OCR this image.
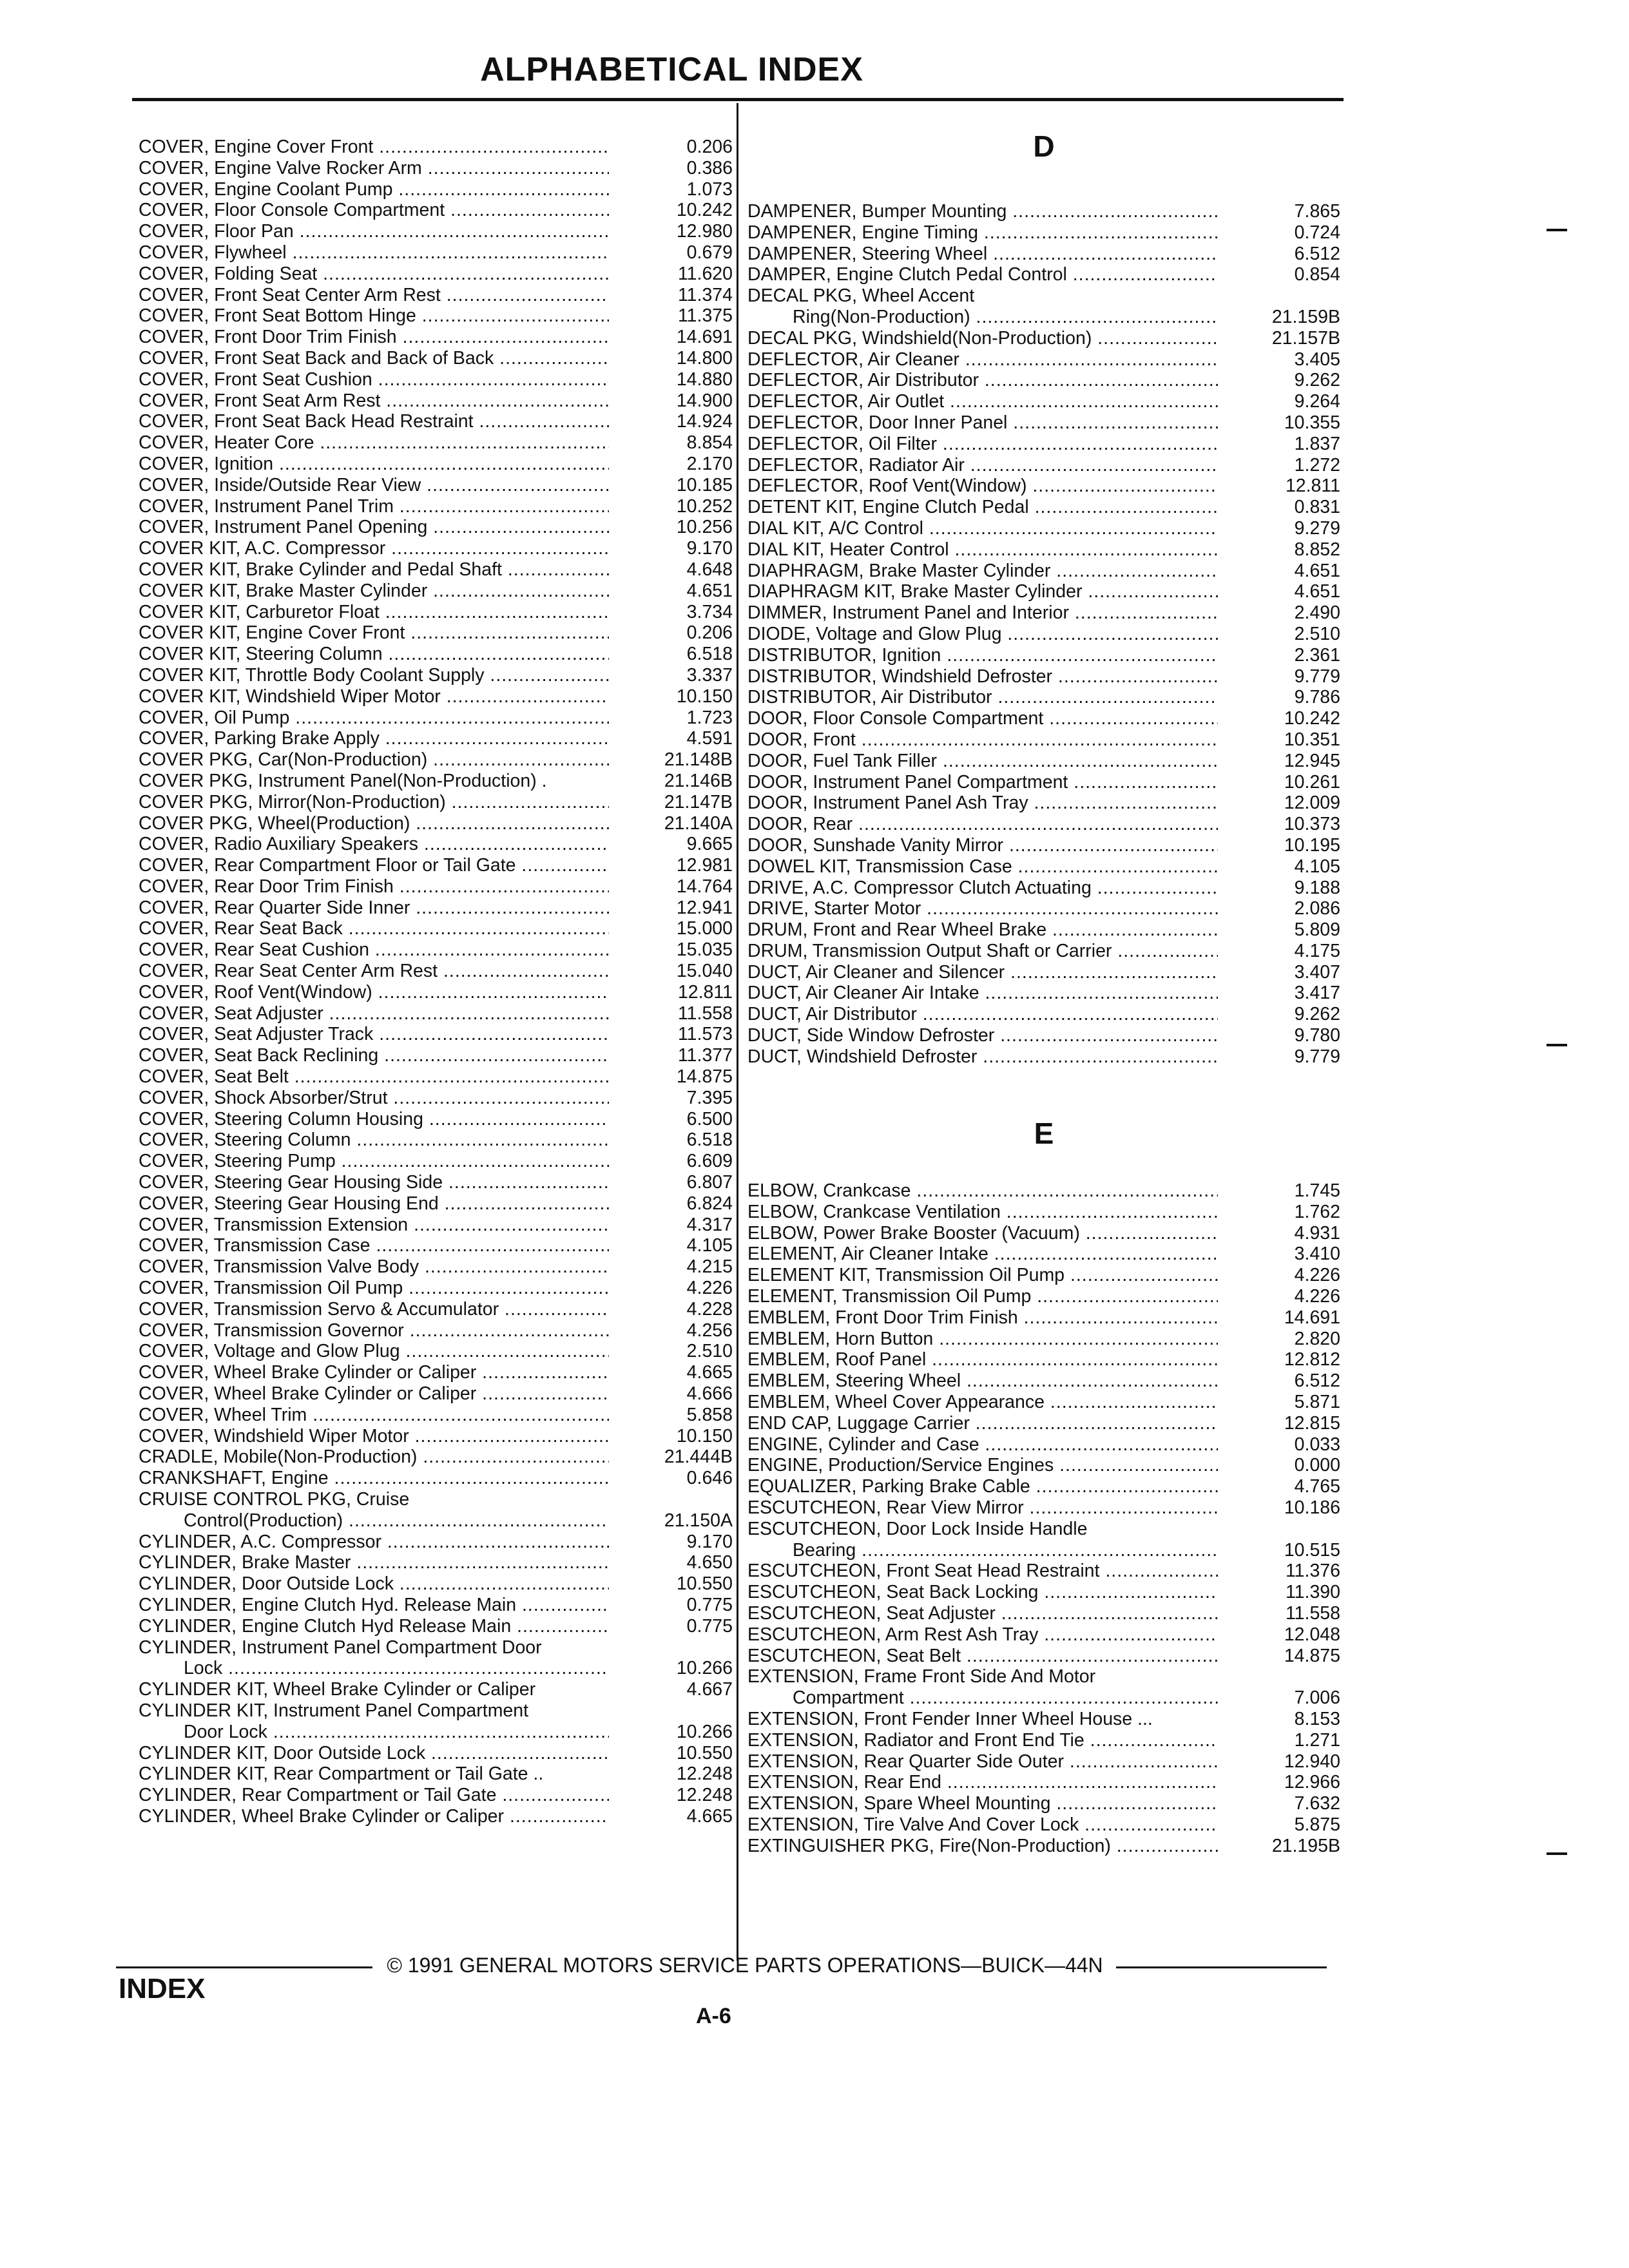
ALPHABETICAL INDEX
COVER, Engine Cover Front .....	0.206
COVER, Engine Valve Rocker Arm .....	0.386
COVER, Engine Coolant Pump .....	1.073
COVER, Floor Console Compartment .....	10.242
COVER, Floor Pan .....	12.980
COVER, Flywheel .....	0.679
COVER, Folding Seat .....	11.620
COVER, Front Seat Center Arm Rest .....	11.374
COVER, Front Seat Bottom Hinge .....	11.375
COVER, Front Door Trim Finish .....	14.691
COVER, Front Seat Back and Back of Back .....	14.800
COVER, Front Seat Cushion .....	14.880
COVER, Front Seat Arm Rest .....	14.900
COVER, Front Seat Back Head Restraint .....	14.924
COVER, Heater Core .....	8.854
COVER, Ignition .....	2.170
COVER, Inside/Outside Rear View .....	10.185
COVER, Instrument Panel Trim .....	10.252
COVER, Instrument Panel Opening .....	10.256
COVER KIT, A.C. Compressor .....	9.170
COVER KIT, Brake Cylinder and Pedal Shaft .....	4.648
COVER KIT, Brake Master Cylinder .....	4.651
COVER KIT, Carburetor Float .....	3.734
COVER KIT, Engine Cover Front .....	0.206
COVER KIT, Steering Column .....	6.518
COVER KIT, Throttle Body Coolant Supply .....	3.337
COVER KIT, Windshield Wiper Motor .....	10.150
COVER, Oil Pump .....	1.723
COVER, Parking Brake Apply .....	4.591
COVER PKG, Car(Non-Production) .....	21.148B
COVER PKG, Instrument Panel(Non-Production) .	21.146B
COVER PKG, Mirror(Non-Production) .....	21.147B
COVER PKG, Wheel(Production) .....	21.140A
COVER, Radio Auxiliary Speakers .....	9.665
COVER, Rear Compartment Floor or Tail Gate .....	12.981
COVER, Rear Door Trim Finish .....	14.764
COVER, Rear Quarter Side Inner .....	12.941
COVER, Rear Seat Back .....	15.000
COVER, Rear Seat Cushion .....	15.035
COVER, Rear Seat Center Arm Rest .....	15.040
COVER, Roof Vent(Window) .....	12.811
COVER, Seat Adjuster .....	11.558
COVER, Seat Adjuster Track .....	11.573
COVER, Seat Back Reclining .....	11.377
COVER, Seat Belt .....	14.875
COVER, Shock Absorber/Strut .....	7.395
COVER, Steering Column Housing .....	6.500
COVER, Steering Column .....	6.518
COVER, Steering Pump .....	6.609
COVER, Steering Gear Housing Side .....	6.807
COVER, Steering Gear Housing End .....	6.824
COVER, Transmission Extension .....	4.317
COVER, Transmission Case .....	4.105
COVER, Transmission Valve Body .....	4.215
COVER, Transmission Oil Pump .....	4.226
COVER, Transmission Servo & Accumulator .....	4.228
COVER, Transmission Governor .....	4.256
COVER, Voltage and Glow Plug .....	2.510
COVER, Wheel Brake Cylinder or Caliper .....	4.665
COVER, Wheel Brake Cylinder or Caliper .....	4.666
COVER, Wheel Trim .....	5.858
COVER, Windshield Wiper Motor .....	10.150
CRADLE, Mobile(Non-Production) .....	21.444B
CRANKSHAFT, Engine .....	0.646
CRUISE CONTROL PKG, Cruise
Control(Production) .....	21.150A
CYLINDER, A.C. Compressor .....	9.170
CYLINDER, Brake Master .....	4.650
CYLINDER, Door Outside Lock .....	10.550
CYLINDER, Engine Clutch Hyd. Release Main .....	0.775
CYLINDER, Engine Clutch Hyd Release Main .....	0.775
CYLINDER, Instrument Panel Compartment Door
Lock .....	10.266
CYLINDER KIT, Wheel Brake Cylinder or Caliper	4.667
CYLINDER KIT, Instrument Panel Compartment
Door Lock .....	10.266
CYLINDER KIT, Door Outside Lock .....	10.550
CYLINDER KIT, Rear Compartment or Tail Gate ..	12.248
CYLINDER, Rear Compartment or Tail Gate .....	12.248
CYLINDER, Wheel Brake Cylinder or Caliper .....	4.665
D
DAMPENER, Bumper Mounting .....	7.865
DAMPENER, Engine Timing .....	0.724
DAMPENER, Steering Wheel .....	6.512
DAMPER, Engine Clutch Pedal Control .....	0.854
DECAL PKG, Wheel Accent
Ring(Non-Production) .....	21.159B
DECAL PKG, Windshield(Non-Production) .....	21.157B
DEFLECTOR, Air Cleaner .....	3.405
DEFLECTOR, Air Distributor .....	9.262
DEFLECTOR, Air Outlet .....	9.264
DEFLECTOR, Door Inner Panel .....	10.355
DEFLECTOR, Oil Filter .....	1.837
DEFLECTOR, Radiator Air .....	1.272
DEFLECTOR, Roof Vent(Window) .....	12.811
DETENT KIT, Engine Clutch Pedal .....	0.831
DIAL KIT, A/C Control .....	9.279
DIAL KIT, Heater Control .....	8.852
DIAPHRAGM, Brake Master Cylinder .....	4.651
DIAPHRAGM KIT, Brake Master Cylinder .....	4.651
DIMMER, Instrument Panel and Interior .....	2.490
DIODE, Voltage and Glow Plug .....	2.510
DISTRIBUTOR, Ignition .....	2.361
DISTRIBUTOR, Windshield Defroster .....	9.779
DISTRIBUTOR, Air Distributor .....	9.786
DOOR, Floor Console Compartment .....	10.242
DOOR, Front .....	10.351
DOOR, Fuel Tank Filler .....	12.945
DOOR, Instrument Panel Compartment .....	10.261
DOOR, Instrument Panel Ash Tray .....	12.009
DOOR, Rear .....	10.373
DOOR, Sunshade Vanity Mirror .....	10.195
DOWEL KIT, Transmission Case .....	4.105
DRIVE, A.C. Compressor Clutch Actuating .....	9.188
DRIVE, Starter Motor .....	2.086
DRUM, Front and Rear Wheel Brake .....	5.809
DRUM, Transmission Output Shaft or Carrier .....	4.175
DUCT, Air Cleaner and Silencer .....	3.407
DUCT, Air Cleaner Air Intake .....	3.417
DUCT, Air Distributor .....	9.262
DUCT, Side Window Defroster .....	9.780
DUCT, Windshield Defroster .....	9.779
E
ELBOW, Crankcase .....	1.745
ELBOW, Crankcase Ventilation .....	1.762
ELBOW, Power Brake Booster (Vacuum) .....	4.931
ELEMENT, Air Cleaner Intake .....	3.410
ELEMENT KIT, Transmission Oil Pump .....	4.226
ELEMENT, Transmission Oil Pump .....	4.226
EMBLEM, Front Door Trim Finish .....	14.691
EMBLEM, Horn Button .....	2.820
EMBLEM, Roof Panel .....	12.812
EMBLEM, Steering Wheel .....	6.512
EMBLEM, Wheel Cover Appearance .....	5.871
END CAP, Luggage Carrier .....	12.815
ENGINE, Cylinder and Case .....	0.033
ENGINE, Production/Service Engines .....	0.000
EQUALIZER, Parking Brake Cable .....	4.765
ESCUTCHEON, Rear View Mirror .....	10.186
ESCUTCHEON, Door Lock Inside Handle
Bearing .....	10.515
ESCUTCHEON, Front Seat Head Restraint .....	11.376
ESCUTCHEON, Seat Back Locking .....	11.390
ESCUTCHEON, Seat Adjuster .....	11.558
ESCUTCHEON, Arm Rest Ash Tray .....	12.048
ESCUTCHEON, Seat Belt .....	14.875
EXTENSION, Frame Front Side And Motor
Compartment .....	7.006
EXTENSION, Front Fender Inner Wheel House ...	8.153
EXTENSION, Radiator and Front End Tie .....	1.271
EXTENSION, Rear Quarter Side Outer .....	12.940
EXTENSION, Rear End .....	12.966
EXTENSION, Spare Wheel Mounting .....	7.632
EXTENSION, Tire Valve And Cover Lock .....	5.875
EXTINGUISHER PKG, Fire(Non-Production) .....	21.195B
© 1991 GENERAL MOTORS SERVICE PARTS OPERATIONS—BUICK—44N
INDEX
A-6
